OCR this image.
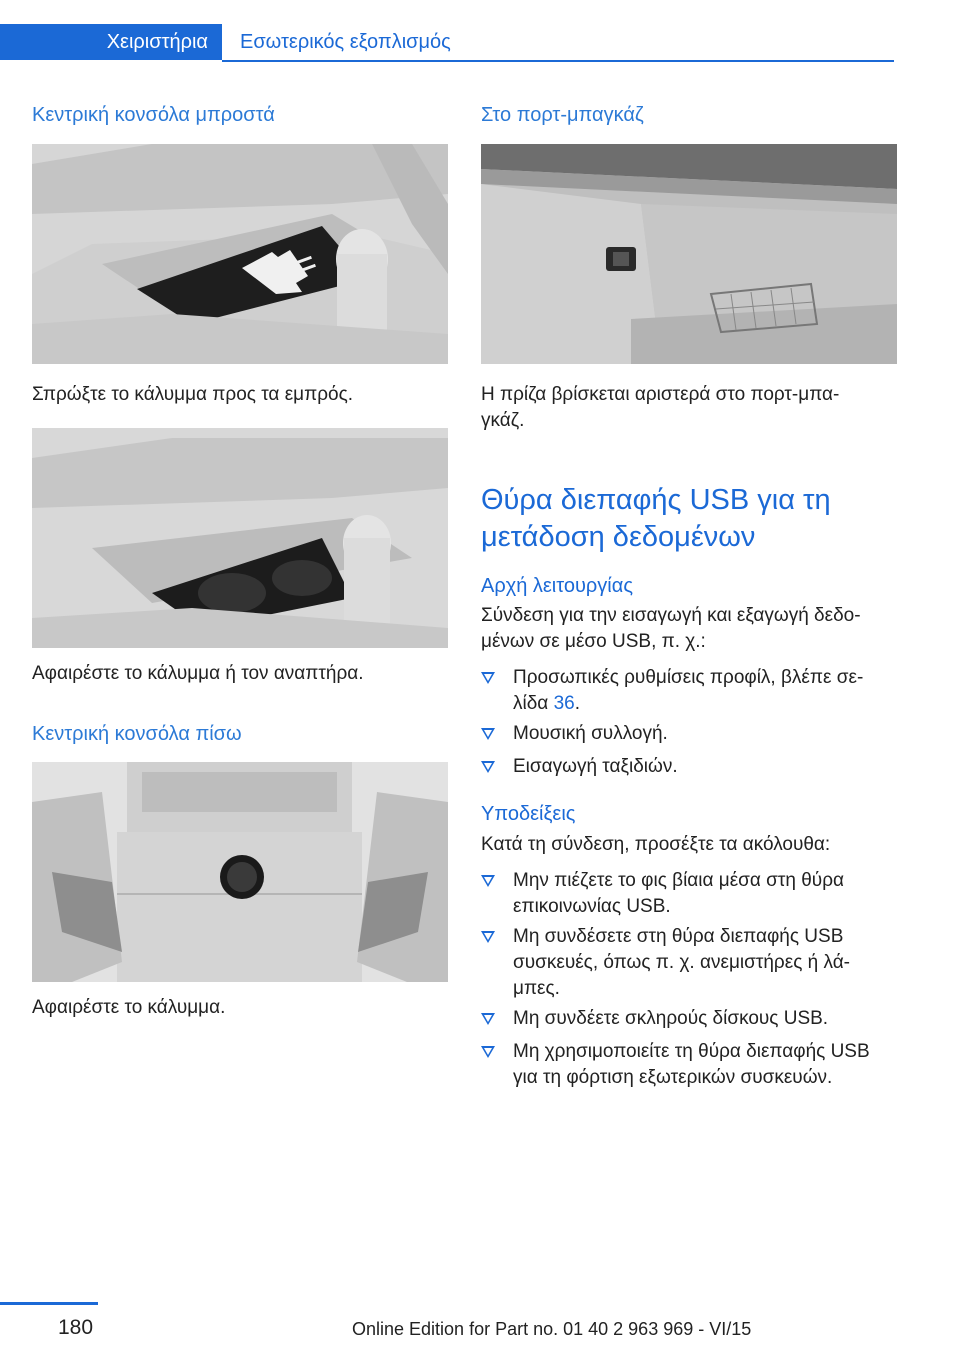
Χειριστήρια Εσωτερικός εξοπλισμός
Κεντρική κονσόλα μπροστά
Σπρώξτε το κάλυμμα προς τα εμπρός.
Αφαιρέστε το κάλυμμα ή τον αναπτήρα.
Κεντρική κονσόλα πίσω
Αφαιρέστε το κάλυμμα.
Στο πορτ-μπαγκάζ
Η πρίζα βρίσκεται αριστερά στο πορτ-μπα-
γκάζ.
Θύρα διεπαφής USB για τη
μετάδοση δεδομένων
Αρχή λειτουργίας
Σύνδεση για την εισαγωγή και εξαγωγή δεδο-
μένων σε μέσο USB, π. χ.:
Προσωπικές ρυθμίσεις προφίλ, βλέπε σε-
λίδα 36.
Μουσική συλλογή.
Εισαγωγή ταξιδιών.
Υποδείξεις
Κατά τη σύνδεση, προσέξτε τα ακόλουθα:
Μην πιέζετε το φις βίαια μέσα στη θύρα
επικοινωνίας USB.
Μη συνδέσετε στη θύρα διεπαφής USB
συσκευές, όπως π. χ. ανεμιστήρες ή λά-
μπες.
Μη συνδέετε σκληρούς δίσκους USB.
Μη χρησιμοποιείτε τη θύρα διεπαφής USB
για τη φόρτιση εξωτερικών συσκευών.
180	Online Edition for Part no. 01 40 2 963 969 - VI/15
